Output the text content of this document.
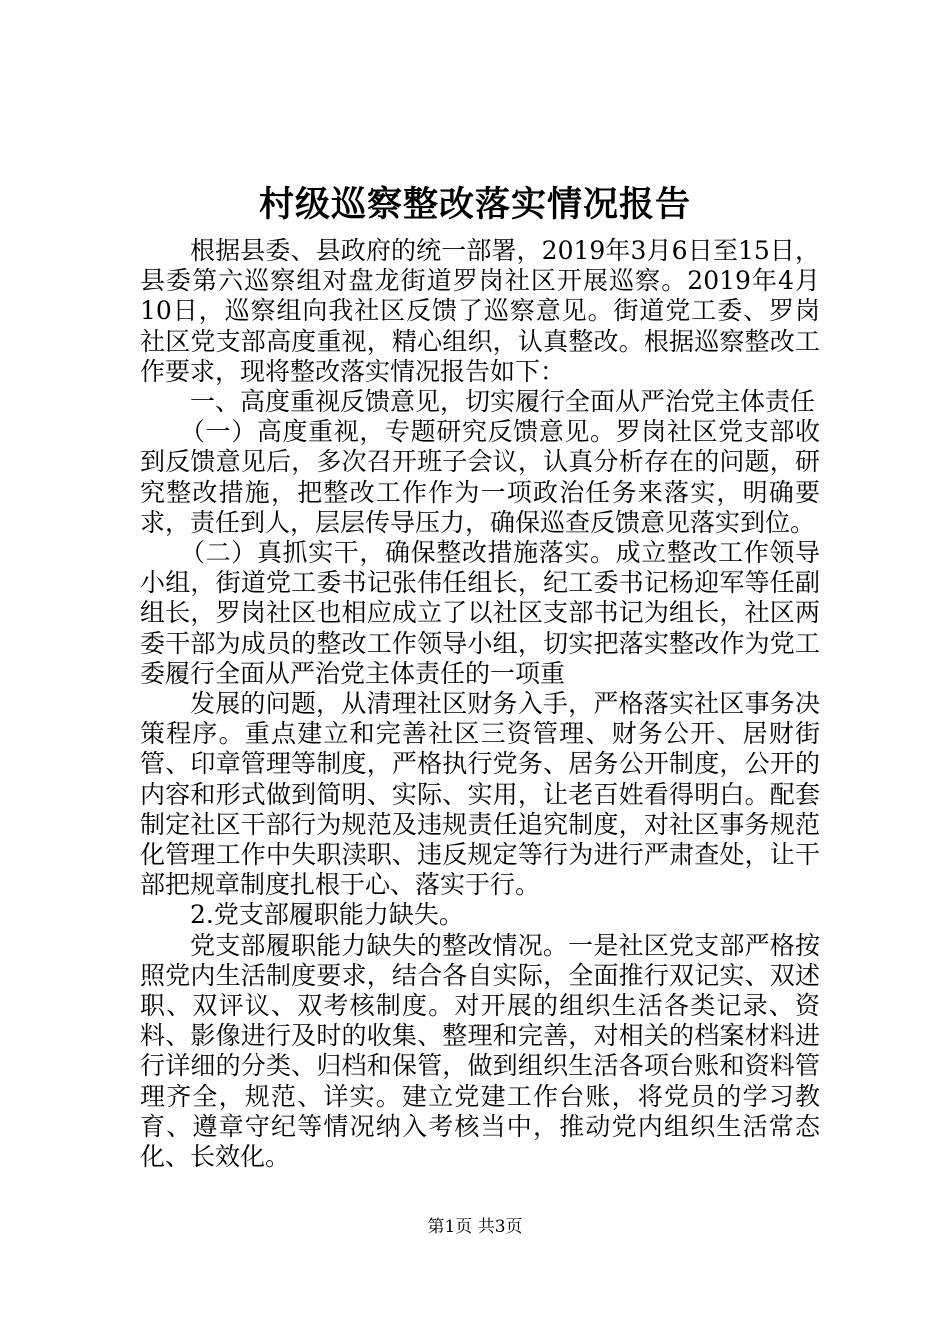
村级巡察整改落实情况报告

根据县委、县政府的统一部署，2019年3月6日至15日，县委第六巡察组对盘龙街道罗岗社区开展巡察。2019年4月10日，巡察组向我社区反馈了巡察意见。街道党工委、罗岗社区党支部高度重视，精心组织，认真整改。根据巡察整改工作要求，现将整改落实情况报告如下：

一、高度重视反馈意见，切实履行全面从严治党主体责任

（一）高度重视，专题研究反馈意见。罗岗社区党支部收到反馈意见后，多次召开班子会议，认真分析存在的问题，研究整改措施，把整改工作作为一项政治任务来落实，明确要求，责任到人，层层传导压力，确保巡查反馈意见落实到位。

（二）真抓实干，确保整改措施落实。成立整改工作领导小组，街道党工委书记张伟任组长，纪工委书记杨迎军等任副组长，罗岗社区也相应成立了以社区支部书记为组长，社区两委干部为成员的整改工作领导小组，切实把落实整改作为党工委履行全面从严治党主体责任的一项重

发展的问题，从清理社区财务入手，严格落实社区事务决策程序。重点建立和完善社区三资管理、财务公开、居财街管、印章管理等制度，严格执行党务、居务公开制度，公开的内容和形式做到简明、实际、实用，让老百姓看得明白。配套制定社区干部行为规范及违规责任追究制度，对社区事务规范化管理工作中失职渎职、违反规定等行为进行严肃查处，让干部把规章制度扎根于心、落实于行。

2.党支部履职能力缺失。

党支部履职能力缺失的整改情况。一是社区党支部严格按照党内生活制度要求，结合各自实际，全面推行双记实、双述职、双评议、双考核制度。对开展的组织生活各类记录、资料、影像进行及时的收集、整理和完善，对相关的档案材料进行详细的分类、归档和保管，做到组织生活各项台账和资料管理齐全，规范、详实。建立党建工作台账，将党员的学习教育、遵章守纪等情况纳入考核当中，推动党内组织生活常态化、长效化。

第1页 共3页
